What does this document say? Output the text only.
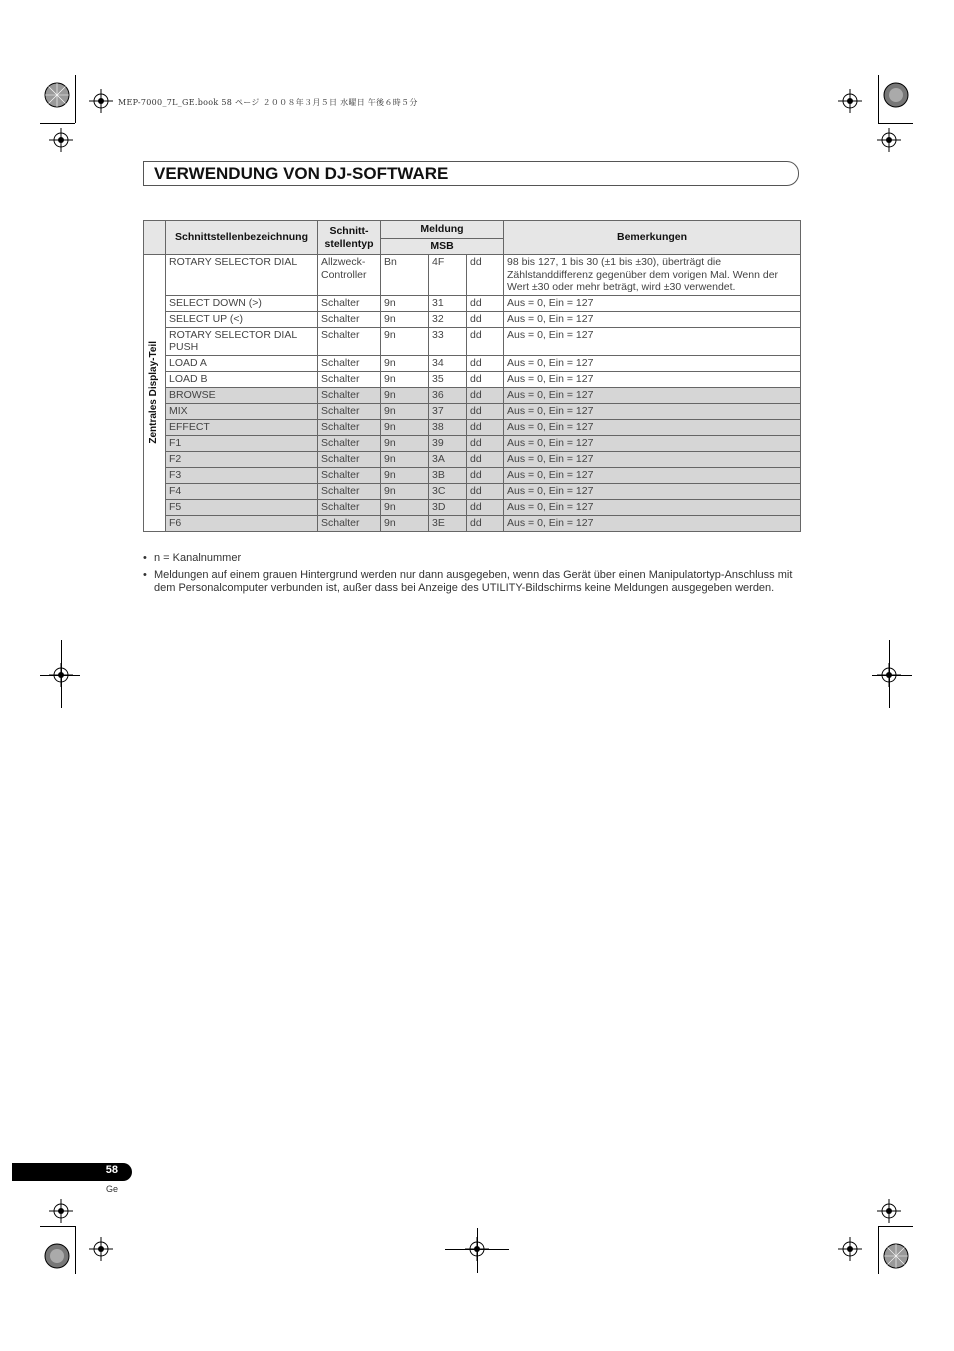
MEP-7000_7L_GE.book 58 ページ ２００８年３月５日 水曜日 午後６時５分
VERWENDUNG VON DJ-SOFTWARE
	Schnittstellenbezeichnung	Schnitt-
stellentyp	Meldung			Bemerkungen
			MSB			

Zentrales Display-Teil	ROTARY SELECTOR DIAL	Allzweck-
Controller	Bn	4F	dd	98 bis 127, 1 bis 30 (±1 bis ±30), überträgt die Zählstanddifferenz gegenüber dem vorigen Mal. Wenn der Wert ±30 oder mehr beträgt, wird ±30 verwendet.
	SELECT DOWN (>)	Schalter	9n	31	dd	Aus = 0, Ein = 127
	SELECT UP (<)	Schalter	9n	32	dd	Aus = 0, Ein = 127
	ROTARY SELECTOR DIAL
PUSH	Schalter	9n	33	dd	Aus = 0, Ein = 127
	LOAD A	Schalter	9n	34	dd	Aus = 0, Ein = 127
	LOAD B	Schalter	9n	35	dd	Aus = 0, Ein = 127
	BROWSE	Schalter	9n	36	dd	Aus = 0, Ein = 127
	MIX	Schalter	9n	37	dd	Aus = 0, Ein = 127
	EFFECT	Schalter	9n	38	dd	Aus = 0, Ein = 127
	F1	Schalter	9n	39	dd	Aus = 0, Ein = 127
	F2	Schalter	9n	3A	dd	Aus = 0, Ein = 127
	F3	Schalter	9n	3B	dd	Aus = 0, Ein = 127
	F4	Schalter	9n	3C	dd	Aus = 0, Ein = 127
	F5	Schalter	9n	3D	dd	Aus = 0, Ein = 127
	F6	Schalter	9n	3E	dd	Aus = 0, Ein = 127
• n = Kanalnummer
• Meldungen auf einem grauen Hintergrund werden nur dann ausgegeben, wenn das Gerät über einen Manipulatortyp-Anschluss mit dem Personalcomputer verbunden ist, außer dass bei Anzeige des UTILITY-Bildschirms keine Meldungen ausgegeben werden.
58
Ge
